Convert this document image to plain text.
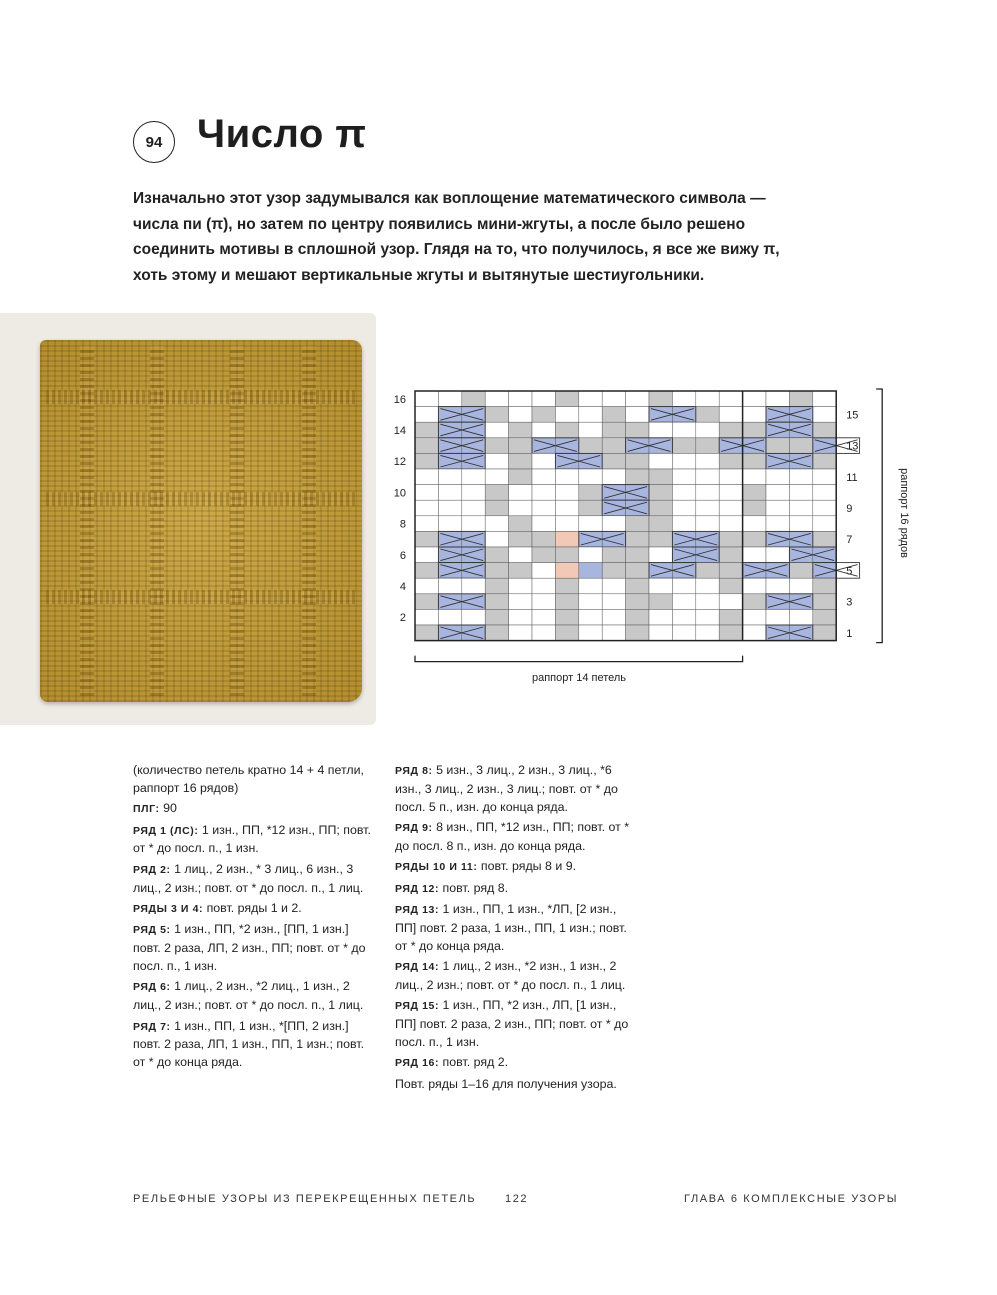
94 Число π

Изначально этот узор задумывался как воплощение математического символа —

числа пи (π), но затем по центру появились мини-жгуты, а после было решено

соединить мотивы в сплошной узор. Глядя на то, что получилось, я все же вижу π,

хоть этому и мешают вертикальные жгуты и вытянутые шестиугольники.

2
4
6
8
10
12
14
16
1
3
5
7
9
11
13
15
раппорт 14 петель
раппорт 16 рядов

(количество петель кратно 14 + 4 петли, раппорт 16 рядов)

ПЛГ: 90

РЯД 1 (ЛС): 1 изн., ПП, *12 изн., ПП; повт. от * до посл. п., 1 изн.

РЯД 2: 1 лиц., 2 изн., * 3 лиц., 6 изн., 3 лиц., 2 изн.; повт. от * до посл. п., 1 лиц.

РЯДЫ 3 И 4: повт. ряды 1 и 2.

РЯД 5: 1 изн., ПП, *2 изн., [ПП, 1 изн.] повт. 2 раза, ЛП, 2 изн., ПП; повт. от * до посл. п., 1 изн.

РЯД 6: 1 лиц., 2 изн., *2 лиц., 1 изн., 2 лиц., 2 изн.; повт. от * до посл. п., 1 лиц.

РЯД 7: 1 изн., ПП, 1 изн., *[ПП, 2 изн.] повт. 2 раза, ЛП, 1 изн., ПП, 1 изн.; повт. от * до конца ряда.

РЯД 8: 5 изн., 3 лиц., 2 изн., 3 лиц., *6 изн., 3 лиц., 2 изн., 3 лиц.; повт. от * до посл. 5 п., изн. до конца ряда.

РЯД 9: 8 изн., ПП, *12 изн., ПП; повт. от * до посл. 8 п., изн. до конца ряда.

РЯДЫ 10 И 11: повт. ряды 8 и 9.

РЯД 12: повт. ряд 8.

РЯД 13: 1 изн., ПП, 1 изн., *ЛП, [2 изн., ПП] повт. 2 раза, 1 изн., ПП, 1 изн.; повт. от * до конца ряда.

РЯД 14: 1 лиц., 2 изн., *2 изн., 1 изн., 2 лиц., 2 изн.; повт. от * до посл. п., 1 лиц.

РЯД 15: 1 изн., ПП, *2 изн., ЛП, [1 изн., ПП] повт. 2 раза, 2 изн., ПП; повт. от * до посл. п., 1 изн.

РЯД 16: повт. ряд 2.

Повт. ряды 1–16 для получения узора.

РЕЛЬЕФНЫЕ УЗОРЫ ИЗ ПЕРЕКРЕЩЕННЫХ ПЕТЕЛЬ	122	ГЛАВА 6 КОМПЛЕКСНЫЕ УЗОРЫ
